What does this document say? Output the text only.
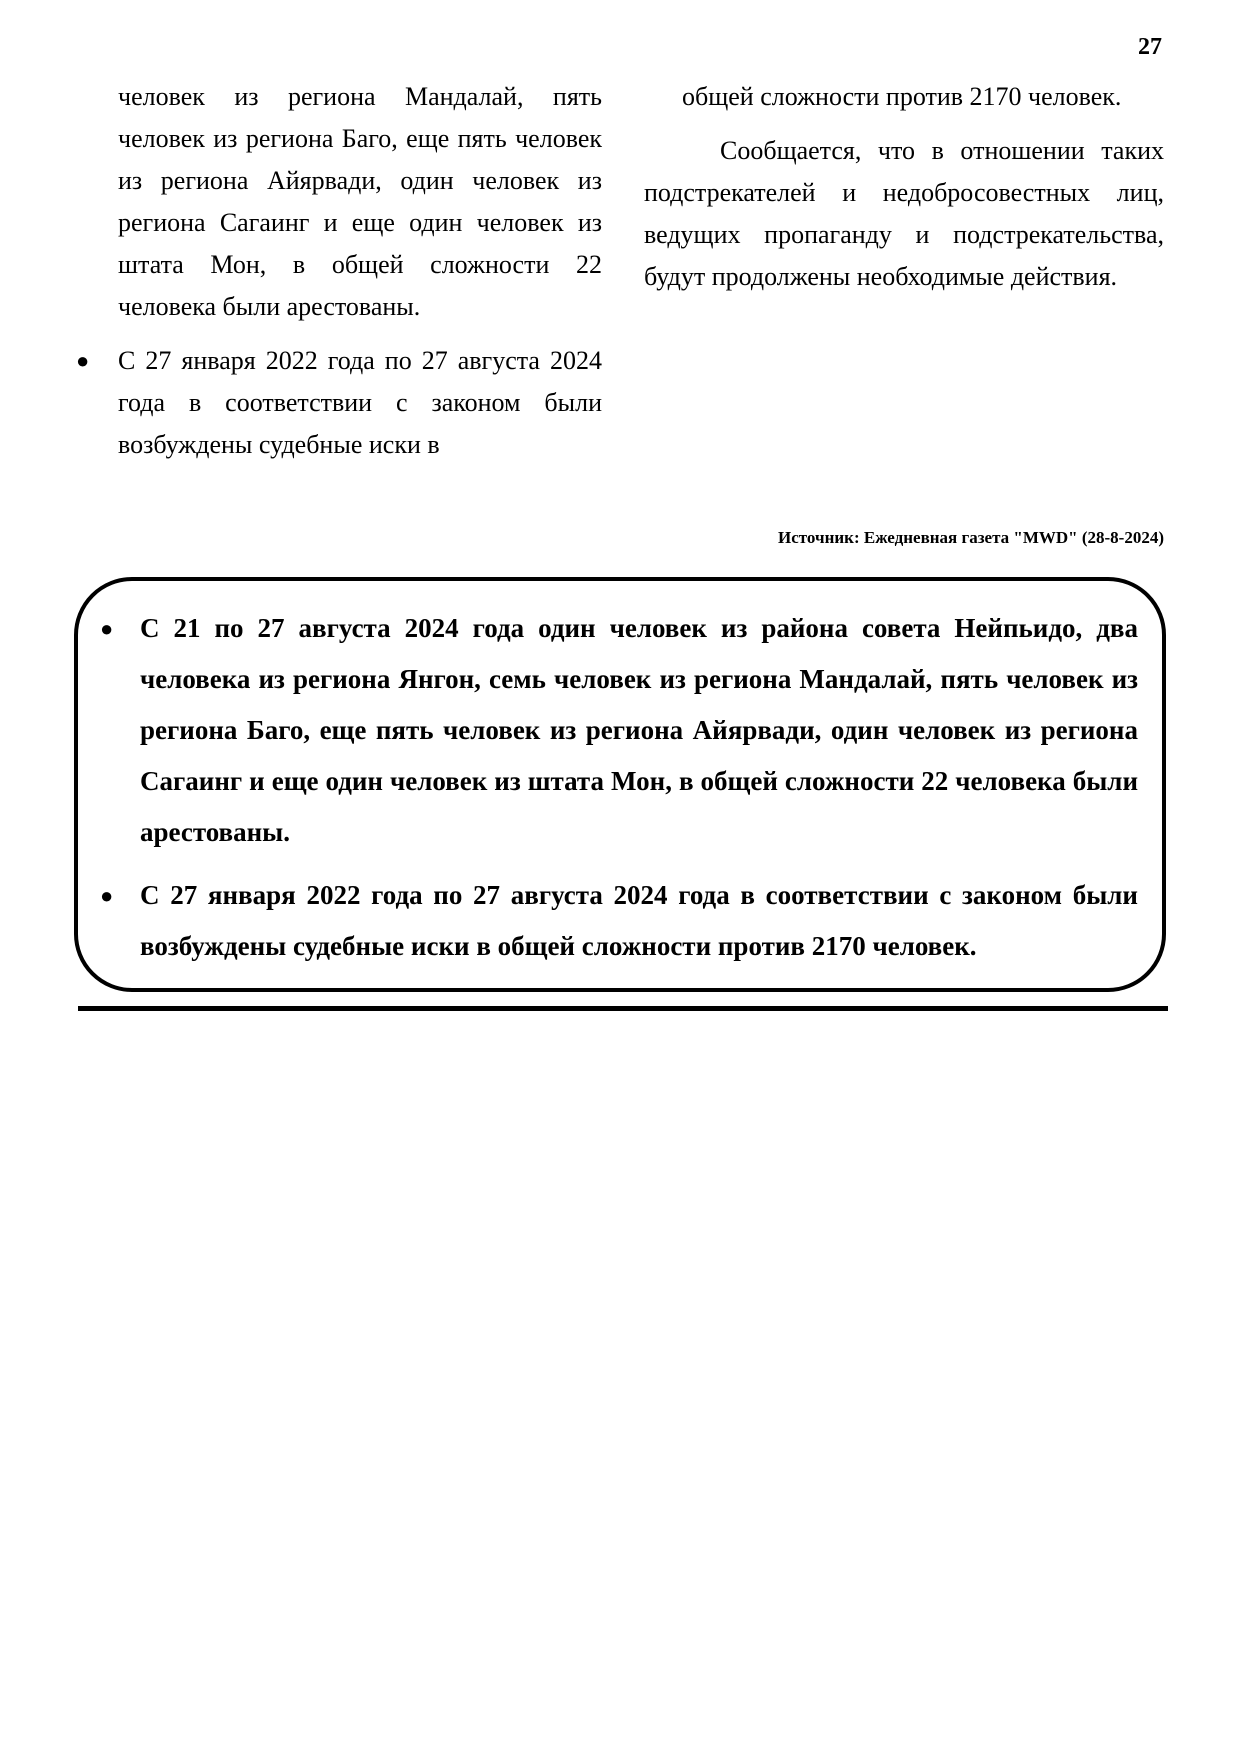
27

человек из региона Мандалай, пять человек из региона Баго, еще пять человек из региона Айярвади, один человек из региона Сагаинг и еще один человек из штата Мон, в общей сложности 22 человека были арестованы.

● С 27 января 2022 года по 27 августа 2024 года в соответствии с законом были возбуждены судебные иски в

общей сложности против 2170 человек.

Сообщается, что в отношении таких подстрекателей и недобросовестных лиц, ведущих пропаганду и подстрекательства, будут продолжены необходимые действия.

Источник: Ежедневная газета "MWD" (28-8-2024)
● С 21 по 27 августа 2024 года один человек из района совета Нейпьидо, два человека из региона Янгон, семь человек из региона Мандалай, пять человек из региона Баго, еще пять человек из региона Айярвади, один человек из региона Сагаинг и еще один человек из штата Мон, в общей сложности 22 человека были арестованы.
● С 27 января 2022 года по 27 августа 2024 года в соответствии с законом были возбуждены судебные иски в общей сложности против 2170 человек.
